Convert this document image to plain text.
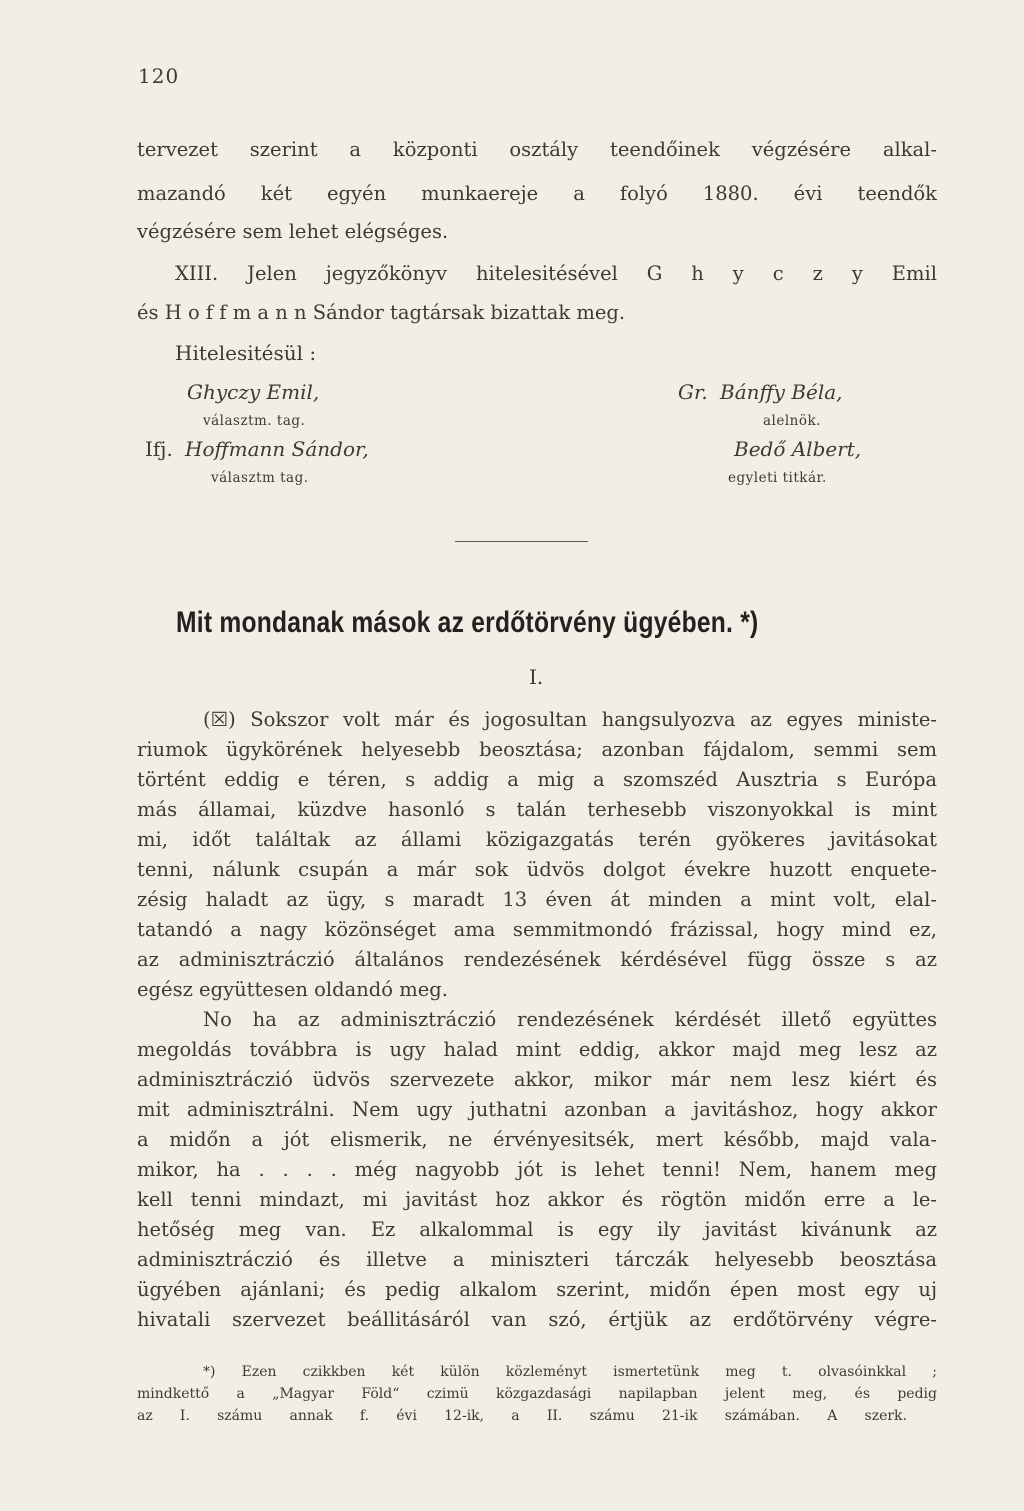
120
tervezet szerint a központi osztály teendőinek végzésére alkal-
mazandó két egyén munkaereje a folyó 1880. évi teendők
végzésére sem lehet elégséges.
XIII. Jelen jegyzőkönyv hitelesitésével G h y c z y Emil
és H o f f m a n n Sándor tagtársak bizattak meg.
Hitelesitésül :
Ghyczy Emil,
választm. tag.
Ifj. Hoffmann Sándor,
választm tag.
Gr. Bánffy Béla,
alelnök.
Bedő Albert,
egyleti titkár.
Mit mondanak mások az erdőtörvény ügyében. *)
I.
(☒) Sokszor volt már és jogosultan hangsulyozva az egyes ministe-
riumok ügykörének helyesebb beosztása; azonban fájdalom, semmi sem
történt eddig e téren, s addig a mig a szomszéd Ausztria s Európa
más államai, küzdve hasonló s talán terhesebb viszonyokkal is mint
mi, időt találtak az állami közigazgatás terén gyökeres javitásokat
tenni, nálunk csupán a már sok üdvös dolgot évekre huzott enquete-
zésig haladt az ügy, s maradt 13 éven át minden a mint volt, elal-
tatandó a nagy közönséget ama semmitmondó frázissal, hogy mind ez,
az adminisztráczió általános rendezésének kérdésével függ össze s az
egész együttesen oldandó meg.
No ha az adminisztráczió rendezésének kérdését illető együttes
megoldás továbbra is ugy halad mint eddig, akkor majd meg lesz az
adminisztráczió üdvös szervezete akkor, mikor már nem lesz kiért és
mit adminisztrálni. Nem ugy juthatni azonban a javitáshoz, hogy akkor
a midőn a jót elismerik, ne érvényesitsék, mert később, majd vala-
mikor, ha . . . . még nagyobb jót is lehet tenni! Nem, hanem meg
kell tenni mindazt, mi javitást hoz akkor és rögtön midőn erre a le-
hetőség meg van. Ez alkalommal is egy ily javitást kivánunk az
adminisztráczió és illetve a miniszteri tárczák helyesebb beosztása
ügyében ajánlani; és pedig alkalom szerint, midőn épen most egy uj
hivatali szervezet beállitásáról van szó, értjük az erdőtörvény végre-
*) Ezen czikkben két külön közleményt ismertetünk meg t. olvasóinkkal ;
mindkettő a „Magyar Föld“ czimü közgazdasági napilapban jelent meg, és pedig
az I. számu annak f. évi 12-ik, a II. számu 21-ik számában. A szerk.
